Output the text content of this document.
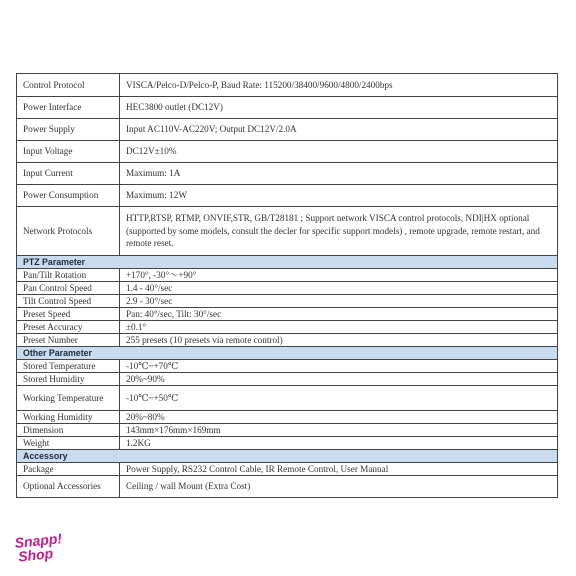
Control Protocol	VISCA/Pelco-D/Pelco-P, Baud Rate: 115200/38400/9600/4800/2400bps
Power Interface	HEC3800 outlet (DC12V)
Power Supply	Input AC110V-AC220V; Output DC12V/2.0A
Input Voltage	DC12V±10%
Input Current	Maximum: 1A
Power Consumption	Maximum: 12W
Network Protocols	HTTP,RTSP, RTMP, ONVIF,STR, GB/T28181 ; Support network VISCA control protocols, NDI|HX optional (supported by some models, consult the decler for specific support models) , remote upgrade, remote restart, and remote reset.
PTZ Parameter	
Pan/Tilt Rotation	+170°, -30°～+90°
Pan Control Speed	1.4 - 40°/sec
Tilt Control Speed	2.9 - 30°/sec
Preset Speed	Pan: 40°/sec, Tilt: 30°/sec
Preset Accuracy	±0.1°
Preset Number	255 presets (10 presets via remote control)
Other Parameter	
Stored Temperature	-10℃~+70℃
Stored Humidity	20%~90%
Working Temperature	-10℃~+50℃
Working Humidity	20%~80%
Dimension	143mm×176mm×169mm
Weight	1.2KG
Accessory	
Package	Power Supply, RS232 Control Cable, IR Remote Control, User Manual
Optional Accessories	Ceiling / wall Mount (Extra Cost)
Snapp!
Shop
